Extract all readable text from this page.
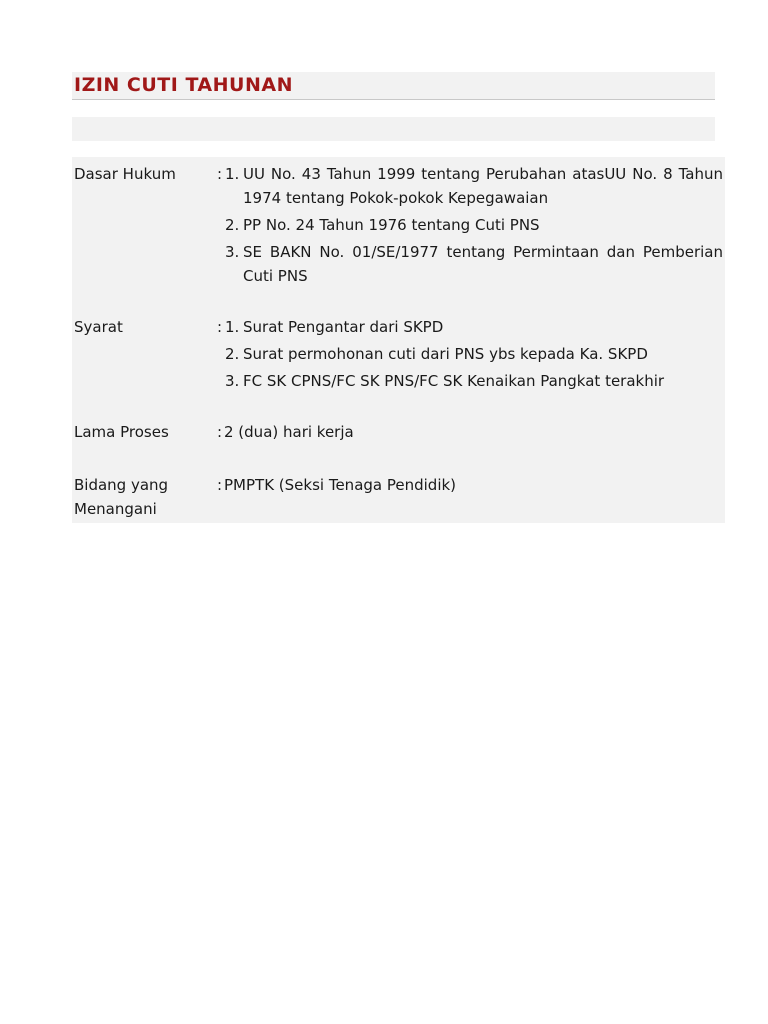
IZIN CUTI TAHUNAN
Dasar Hukum	: 1. UU No. 43 Tahun 1999 tentang Perubahan atasUU No. 8 Tahun 1974 tentang Pokok-pokok Kepegawaian
2. PP No. 24 Tahun 1976 tentang Cuti PNS
3. SE BAKN No. 01/SE/1977 tentang Permintaan dan Pemberian Cuti PNS
Syarat	: 1. Surat Pengantar dari SKPD
2. Surat permohonan cuti dari PNS ybs kepada Ka. SKPD
3. FC SK CPNS/FC SK PNS/FC SK Kenaikan Pangkat terakhir
Lama Proses	: 2 (dua) hari kerja
Bidang yang Menangani
: PMPTK (Seksi Tenaga Pendidik)
